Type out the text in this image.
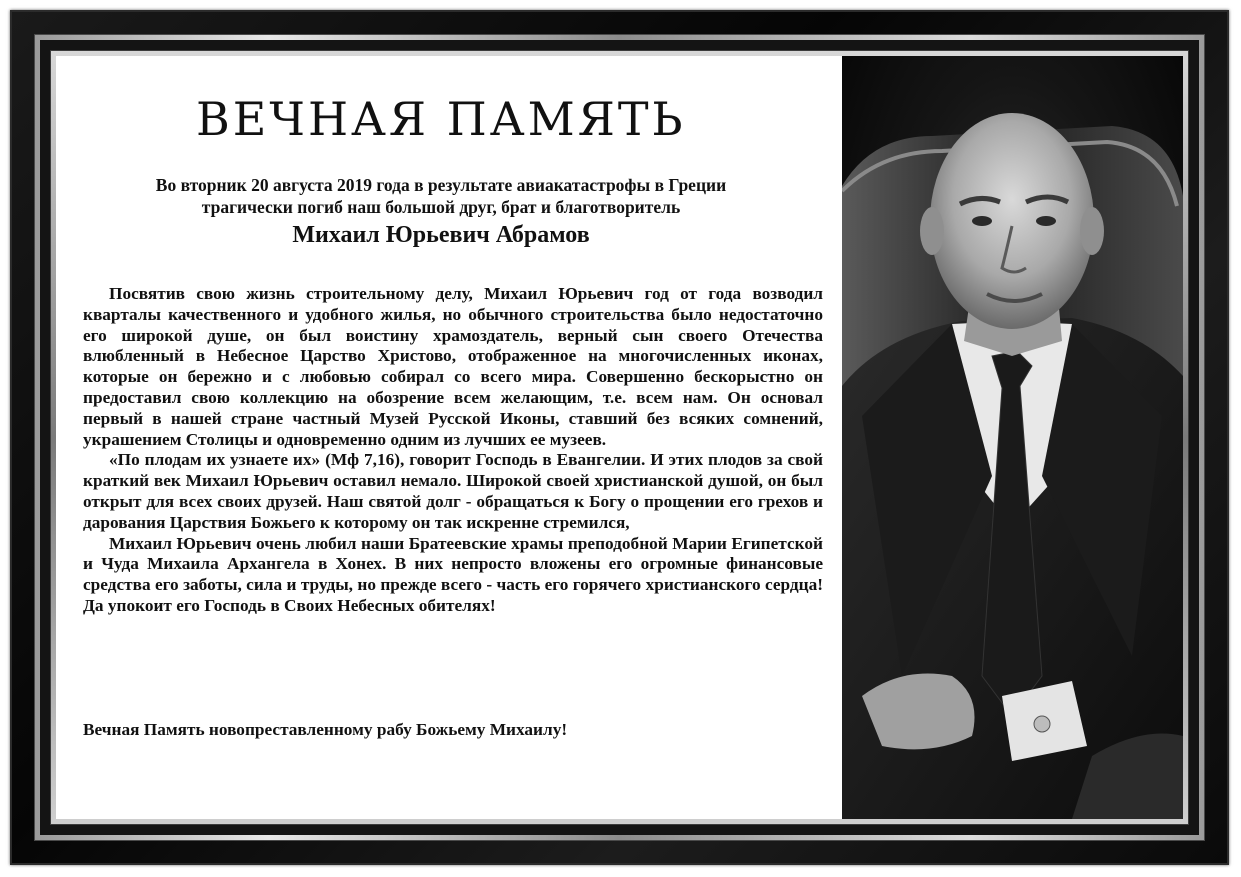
ВЕЧНАЯ ПАМЯТЬ

Во вторник 20 августа 2019 года в результате авиакатастрофы в Греции

трагически погиб наш большой друг, брат и благотворитель

Михаил Юрьевич Абрамов

Посвятив свою жизнь строительному делу, Михаил Юрьевич год от года возводил кварталы качественного и удобного жилья, но обычного строительства было недостаточно его широкой душе, он был воистину храмоздатель, верный сын своего Отечества влюбленный в Небесное Царство Христово, отображенное на многочисленных иконах, которые он бережно и с любовью собирал со всего мира. Совершенно бескорыстно он предоставил свою коллекцию на обозрение всем желающим, т.е. всем нам. Он основал первый в нашей стране частный Музей Русской Иконы, ставший без всяких сомнений, украшением Столицы и одновременно одним из лучших ее музеев.

«По плодам их узнаете их» (Мф 7,16), говорит Господь в Евангелии. И этих плодов за свой краткий век Михаил Юрьевич оставил немало. Широкой своей христианской душой, он был открыт для всех своих друзей. Наш святой долг - обращаться к Богу о прощении его грехов и дарования Царствия Божьего к которому он так искренне стремился,

Михаил Юрьевич очень любил наши Братеевские храмы преподобной Марии Египетской и Чуда Михаила Архангела в Хонех. В них непросто вложены его огромные финансовые средства его заботы, сила и труды, но прежде всего - часть его горячего христианского сердца! Да упокоит его Господь в Своих Небесных обителях!

Вечная Память новопреставленному рабу Божьему Михаилу!
